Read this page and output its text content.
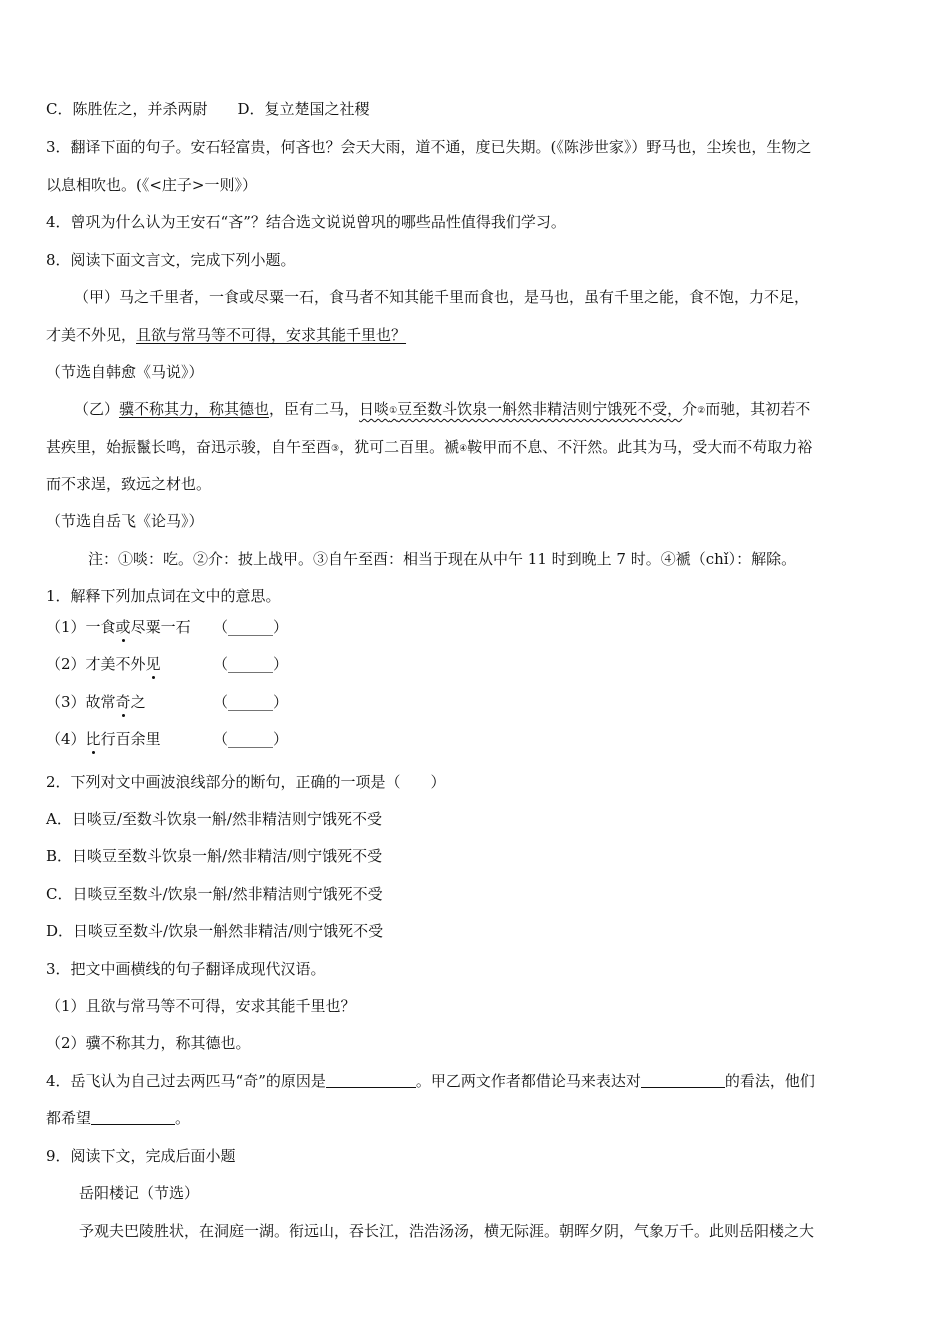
C．陈胜佐之，并杀两尉　　D．复立楚国之社稷
3．翻译下面的句子。安石轻富贵，何吝也？会天大雨，道不通，度已失期。(《陈涉世家》）野马也，尘埃也，生物之
以息相吹也。(《<庄子>一则》）
4．曾巩为什么认为王安石“吝”？结合选文说说曾巩的哪些品性值得我们学习。
8．阅读下面文言文，完成下列小题。
（甲）马之千里者，一食或尽粟一石，食马者不知其能千里而食也，是马也，虽有千里之能，食不饱，力不足，
才美不外见，且欲与常马等不可得，安求其能千里也？
（节选自韩愈《马说》）
（乙）骥不称其力，称其德也，臣有二马，日啖①豆至数斗饮泉一斛然非精洁则宁饿死不受，介②而驰，其初若不
甚疾里，始振鬣长鸣，奋迅示骏，自午至酉③，犹可二百里。褫④鞍甲而不息、不汗然。此其为马，受大而不苟取力裕
而不求逞，致远之材也。
（节选自岳飞《论马》）
注：①啖：吃。②介：披上战甲。③自午至酉：相当于现在从中午 11 时到晚上 7 时。④褫（chǐ）：解除。
1．解释下列加点词在文中的意思。
（1）一食或尽粟一石 （______）
（2）才美不外见	（______）
（3）故常奇之	（______）
（4）比行百余里	（______）
2．下列对文中画波浪线部分的断句，正确的一项是（　　）
A．日啖豆/至数斗饮泉一斛/然非精洁则宁饿死不受
B．日啖豆至数斗饮泉一斛/然非精洁/则宁饿死不受
C．日啖豆至数斗/饮泉一斛/然非精洁则宁饿死不受
D．日啖豆至数斗/饮泉一斛然非精洁/则宁饿死不受
3．把文中画横线的句子翻译成现代汉语。
（1）且欲与常马等不可得，安求其能千里也？
（2）骥不称其力，称其德也。
4．岳飞认为自己过去两匹马“奇”的原因是	。甲乙两文作者都借论马来表达对	的看法，他们
都希望	。
9．阅读下文，完成后面小题
岳阳楼记（节选）
予观夫巴陵胜状，在洞庭一湖。衔远山，吞长江，浩浩汤汤，横无际涯。朝晖夕阴，气象万千。此则岳阳楼之大
